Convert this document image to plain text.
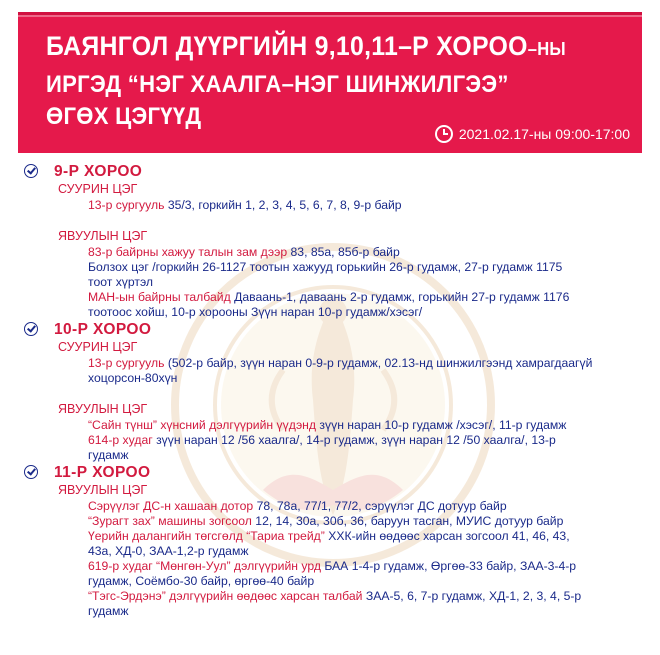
БАЯНГОЛ ДҮҮРГИЙН 9,10,11–Р ХОРОО–НЫ
ИРГЭД “НЭГ ХААЛГА–НЭГ ШИНЖИЛГЭЭ”
ӨГӨХ ЦЭГҮҮД
2021.02.17-ны 09:00-17:00
9-Р ХОРОО
СУУРИН ЦЭГ
13-р сургууль 35/3, горкийн 1, 2, 3, 4, 5, 6, 7, 8, 9-р байр
ЯВУУЛЫН ЦЭГ
83-р байрны хажуу талын зам дээр 83, 85а, 85б-р байр
Болзох цэг /горкийн 26-1127 тоотын хажууд горькийн 26-р гудамж, 27-р гудамж 1175
тоот хүртэл
МАН-ын байрны талбайд Даваань-1, даваань 2-р гудамж, горькийн 27-р гудамж 1176
тоотоос хойш, 10-р хорооны Зүүн наран 10-р гудамж/хэсэг/
10-Р ХОРОО
СУУРИН ЦЭГ
13-р сургууль (502-р байр, зүүн наран 0-9-р гудамж, 02.13-нд шинжилгээнд хамрагдаагүй
хоцорсон-80хүн
ЯВУУЛЫН ЦЭГ
“Сайн түнш” хүнсний дэлгүүрийн үүдэнд зүүн наран 10-р гудамж /хэсэг/, 11-р гудамж
614-р худаг зүүн наран 12 /56 хаалга/, 14-р гудамж, зүүн наран 12 /50 хаалга/, 13-р
гудамж
11-Р ХОРОО
ЯВУУЛЫН ЦЭГ
Сэрүүлэг ДС-н хашаан дотор 78, 78а, 77/1, 77/2, сэрүүлэг ДС дотуур байр
“Зурагт зах” машины зогсоол 12, 14, 30а, 30б, 36, баруун тасган, МУИС дотуур байр
Үерийн далангийн төгсгөлд “Тариа трейд” ХХК-ийн өөдөөс харсан зогсоол 41, 46, 43,
43а, ХД-0, ЗАА-1,2-р гудамж
619-р худаг “Мөнгөн-Уул” дэлгүүрийн урд БАА 1-4-р гудамж, Өргөө-33 байр, ЗАА-3-4-р
гудамж, Соёмбо-30 байр, өргөө-40 байр
“Тэгс-Эрдэнэ” дэлгүүрийн өөдөөс харсан талбай ЗАА-5, 6, 7-р гудамж, ХД-1, 2, 3, 4, 5-р
гудамж
